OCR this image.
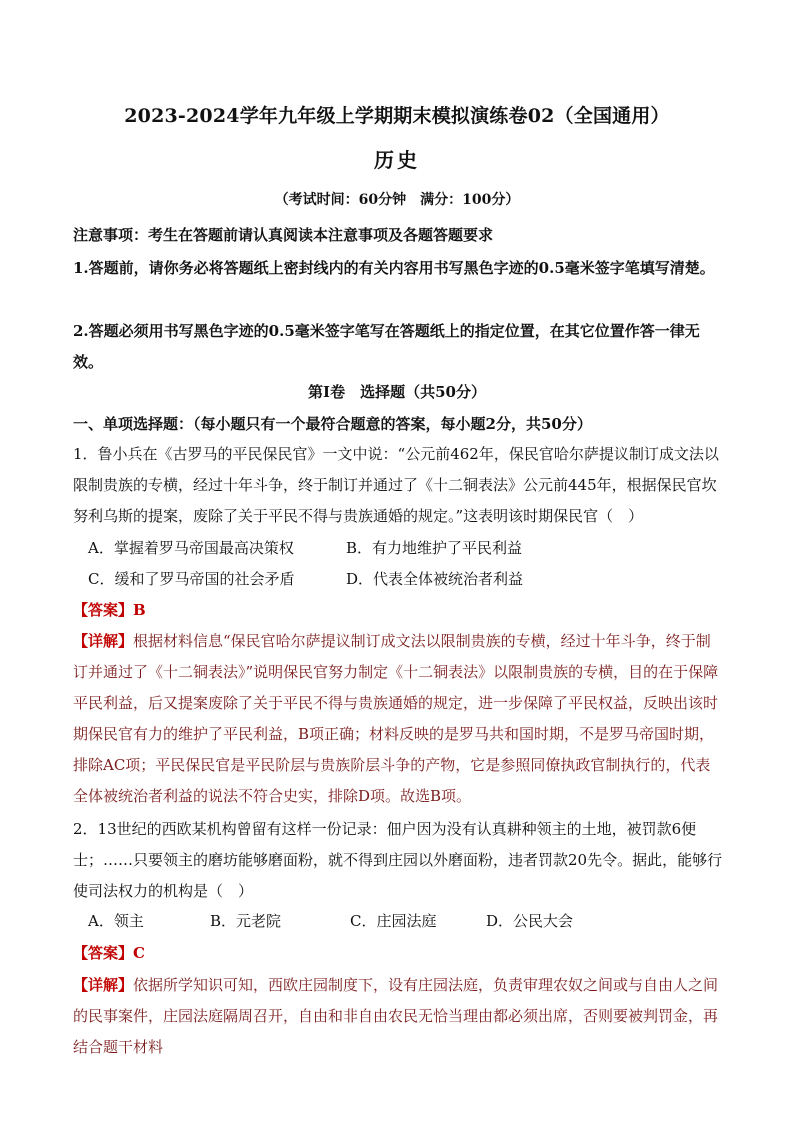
2023-2024学年九年级上学期期末模拟演练卷02（全国通用）
历史
（考试时间：60分钟　满分：100分）
注意事项：考生在答题前请认真阅读本注意事项及各题答题要求
1.答题前，请你务必将答题纸上密封线内的有关内容用书写黑色字迹的0.5毫米签字笔填写清楚。
2.答题必须用书写黑色字迹的0.5毫米签字笔写在答题纸上的指定位置，在其它位置作答一律无效。
第Ⅰ卷　选择题（共50分）
一、单项选择题：（每小题只有一个最符合题意的答案，每小题2分，共50分）
1．鲁小兵在《古罗马的平民保民官》一文中说：“公元前462年，保民官哈尔萨提议制订成文法以限制贵族的专横，经过十年斗争，终于制订并通过了《十二铜表法》公元前445年，根据保民官坎努利乌斯的提案，废除了关于平民不得与贵族通婚的规定。”这表明该时期保民官（　）
A．掌握着罗马帝国最高决策权	B．有力地维护了平民利益
C．缓和了罗马帝国的社会矛盾	D．代表全体被统治者利益
【答案】B
【详解】根据材料信息“保民官哈尔萨提议制订成文法以限制贵族的专横，经过十年斗争，终于制订并通过了《十二铜表法》”说明保民官努力制定《十二铜表法》以限制贵族的专横，目的在于保障平民利益，后又提案废除了关于平民不得与贵族通婚的规定，进一步保障了平民权益，反映出该时期保民官有力的维护了平民利益，B项正确；材料反映的是罗马共和国时期，不是罗马帝国时期，排除AC项；平民保民官是平民阶层与贵族阶层斗争的产物，它是参照同僚执政官制执行的，代表全体被统治者利益的说法不符合史实，排除D项。故选B项。
2．13世纪的西欧某机构曾留有这样一份记录：佃户因为没有认真耕种领主的土地，被罚款6便士；……只要领主的磨坊能够磨面粉，就不得到庄园以外磨面粉，违者罚款20先令。据此，能够行使司法权力的机构是（　）
A．领主	B．元老院	C．庄园法庭	D．公民大会
【答案】C
【详解】依据所学知识可知，西欧庄园制度下，设有庄园法庭，负责审理农奴之间或与自由人之间的民事案件，庄园法庭隔周召开，自由和非自由农民无恰当理由都必须出席，否则要被判罚金，再结合题干材料
